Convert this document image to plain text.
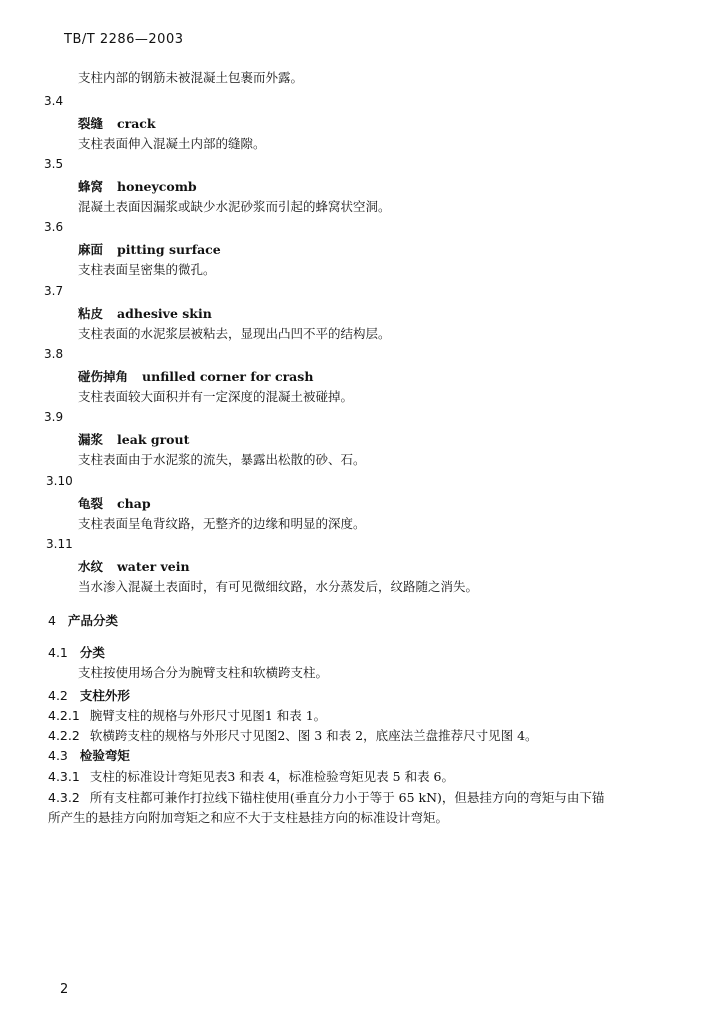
TB/T 2286—2003
支柱内部的钢筋未被混凝土包裹而外露。
3.4
裂缝 crack
支柱表面伸入混凝土内部的缝隙。
3.5
蜂窝 honeycomb
混凝土表面因漏浆或缺少水泥砂浆而引起的蜂窝状空洞。
3.6
麻面 pitting surface
支柱表面呈密集的微孔。
3.7
粘皮 adhesive skin
支柱表面的水泥浆层被粘去，显现出凸凹不平的结构层。
3.8
碰伤掉角 unfilled corner for crash
支柱表面较大面积并有一定深度的混凝土被碰掉。
3.9
漏浆 leak grout
支柱表面由于水泥浆的流失，暴露出松散的砂、石。
3.10
龟裂 chap
支柱表面呈龟背纹路，无整齐的边缘和明显的深度。
3.11
水纹 water vein
当水渗入混凝土表面时，有可见微细纹路，水分蒸发后，纹路随之消失。
4 产品分类
4.1 分类
支柱按使用场合分为腕臂支柱和软横跨支柱。
4.2 支柱外形
4.2.1 腕臂支柱的规格与外形尺寸见图1 和表 1。
4.2.2 软横跨支柱的规格与外形尺寸见图2、图 3 和表 2，底座法兰盘推荐尺寸见图 4。
4.3 检验弯矩
4.3.1 支柱的标准设计弯矩见表3 和表 4，标准检验弯矩见表 5 和表 6。
4.3.2 所有支柱都可兼作打拉线下锚柱使用(垂直分力小于等于 65 kN)，但悬挂方向的弯矩与由下锚
所产生的悬挂方向附加弯矩之和应不大于支柱悬挂方向的标准设计弯矩。
2
